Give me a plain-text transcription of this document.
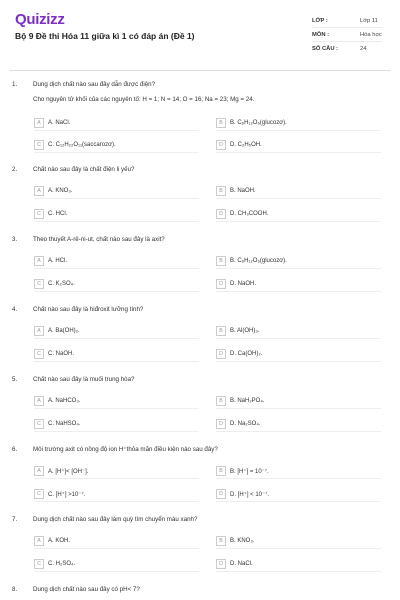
Quizizz
Bộ 9 Đề thi Hóa 11 giữa kì 1 có đáp án (Đề 1)
LỚP :	Lớp 11
MÔN :	Hóa học
SỐ CÂU :	24
1.	Dung dịch chất nào sau đây dẫn được điện?
Cho nguyên tử khối của các nguyên tố: H = 1; N = 14; O = 16; Na = 23; Mg = 24.
A	A. NaCl.	B	B. C₆H₁₂O₆(glucozơ).
C	C. C₁₂H₂₂O₁₁(saccarozơ).	D	D. C₂H₅OH.
2.	Chất nào sau đây là chất điện li yếu?
A	A. KNO₃.	B	B. NaOH.
C	C. HCl.	D	D. CH₃COOH.
3.	Theo thuyết A-rê-ni-ut, chất nào sau đây là axit?
A	A. HCl.	B	B. C₆H₁₂O₆(glucozơ).
C	C. K₂SO₄.	D	D. NaOH.
4.	Chất nào sau đây là hiđroxit lưỡng tính?
A	A. Ba(OH)₂.	B	B. Al(OH)₃.
C	C. NaOH.	D	D. Ca(OH)₂.
5.	Chất nào sau đây là muối trung hòa?
A	A. NaHCO₃.	B	B. NaH₂PO₄.
C	C. NaHSO₄.	D	D. Na₂SO₄.
6.	Môi trường axit có nồng độ ion H⁺thỏa mãn điều kiện nào sau đây?
A	A. [H⁺]< [OH⁻].	B	B. [H⁺] = 10⁻⁷.
C	C. [H⁺] >10⁻⁷.	D	D. [H⁺] < 10⁻⁷.
7.	Dung dịch chất nào sau đây làm quỳ tím chuyển màu xanh?
A	A. KOH.	B	B. KNO₃.
C	C. H₂SO₄.	D	D. NaCl.
8.	Dung dịch chất nào sau đây có pH< 7?
